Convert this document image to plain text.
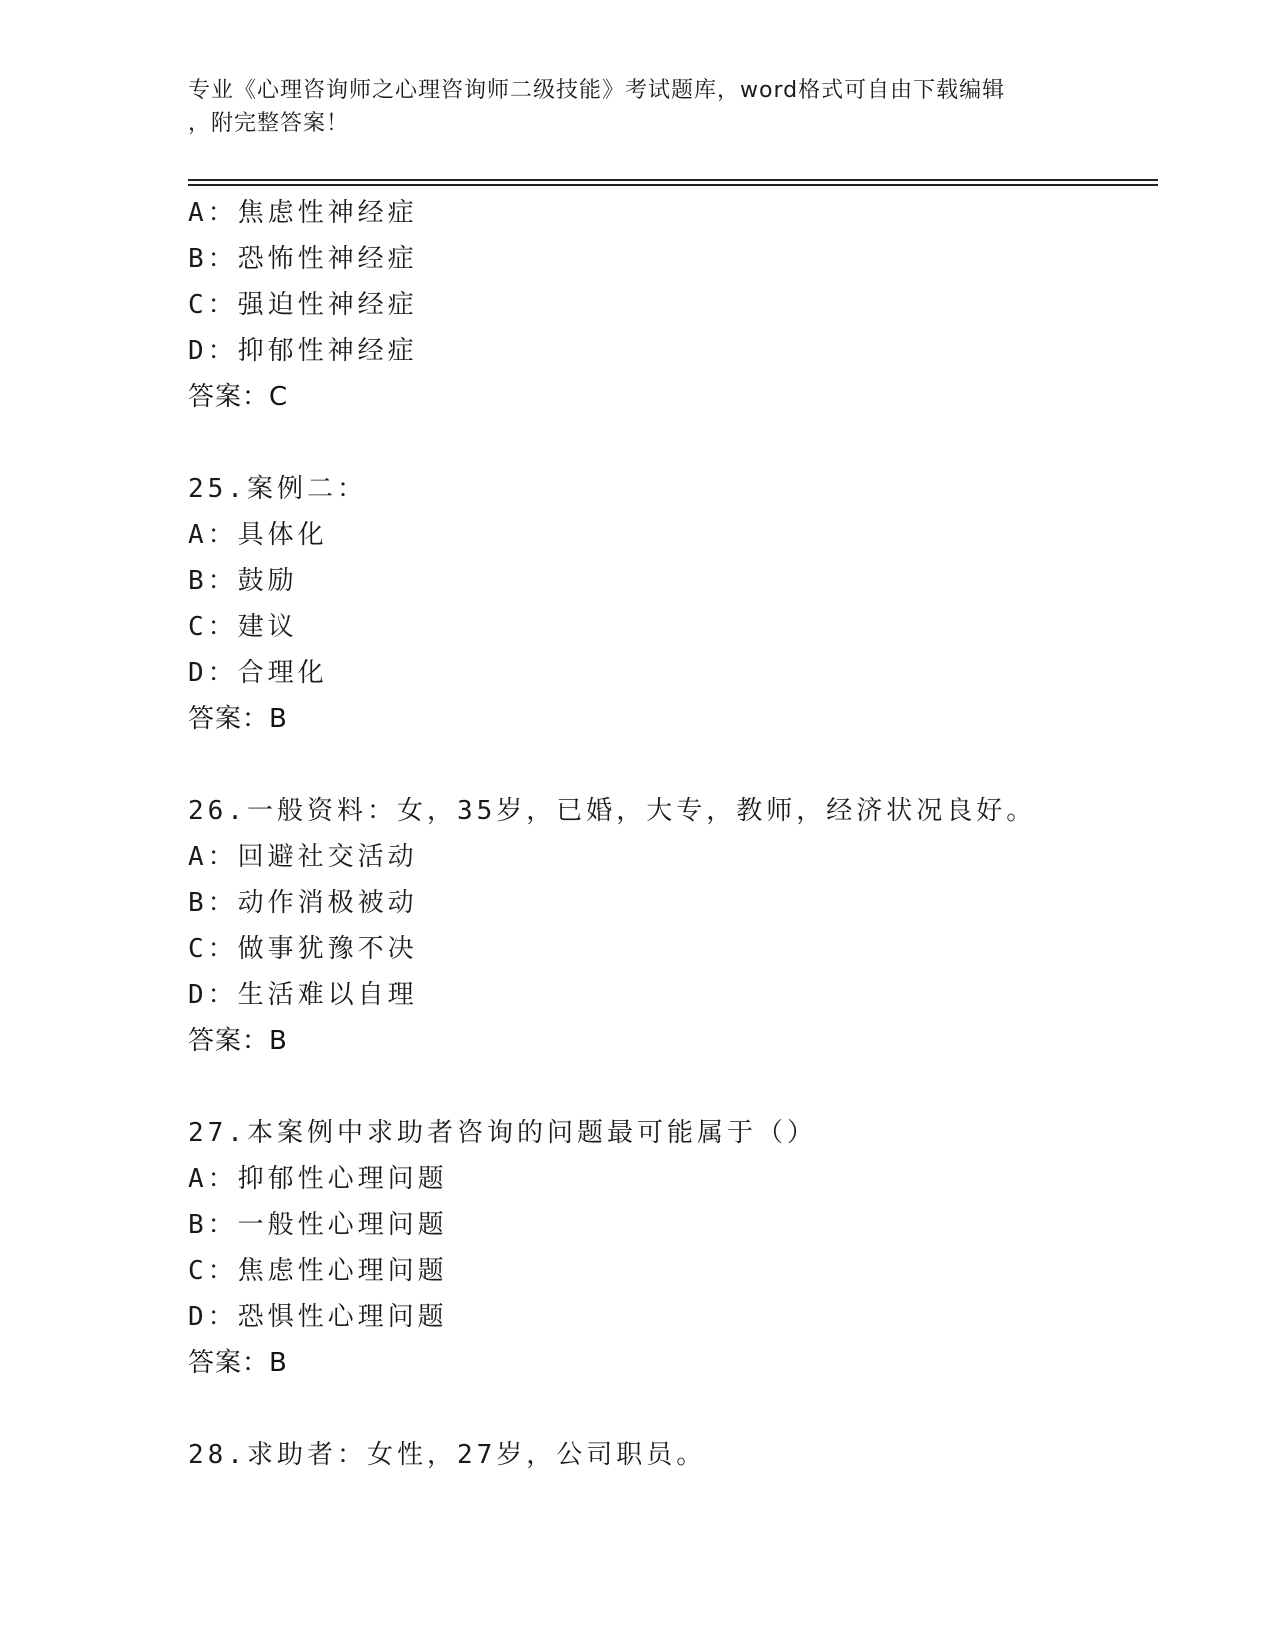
专业《心理咨询师之心理咨询师二级技能》考试题库，word格式可自由下载编辑
，附完整答案！
A：焦虑性神经症
B：恐怖性神经症
C：强迫性神经症
D：抑郁性神经症
答案：C
25.案例二：
A：具体化
B：鼓励
C：建议
D：合理化
答案：B
26.一般资料：女，35岁，已婚，大专，教师，经济状况良好。
A：回避社交活动
B：动作消极被动
C：做事犹豫不决
D：生活难以自理
答案：B
27.本案例中求助者咨询的问题最可能属于（）
A：抑郁性心理问题
B：一般性心理问题
C：焦虑性心理问题
D：恐惧性心理问题
答案：B
28.求助者：女性，27岁，公司职员。
